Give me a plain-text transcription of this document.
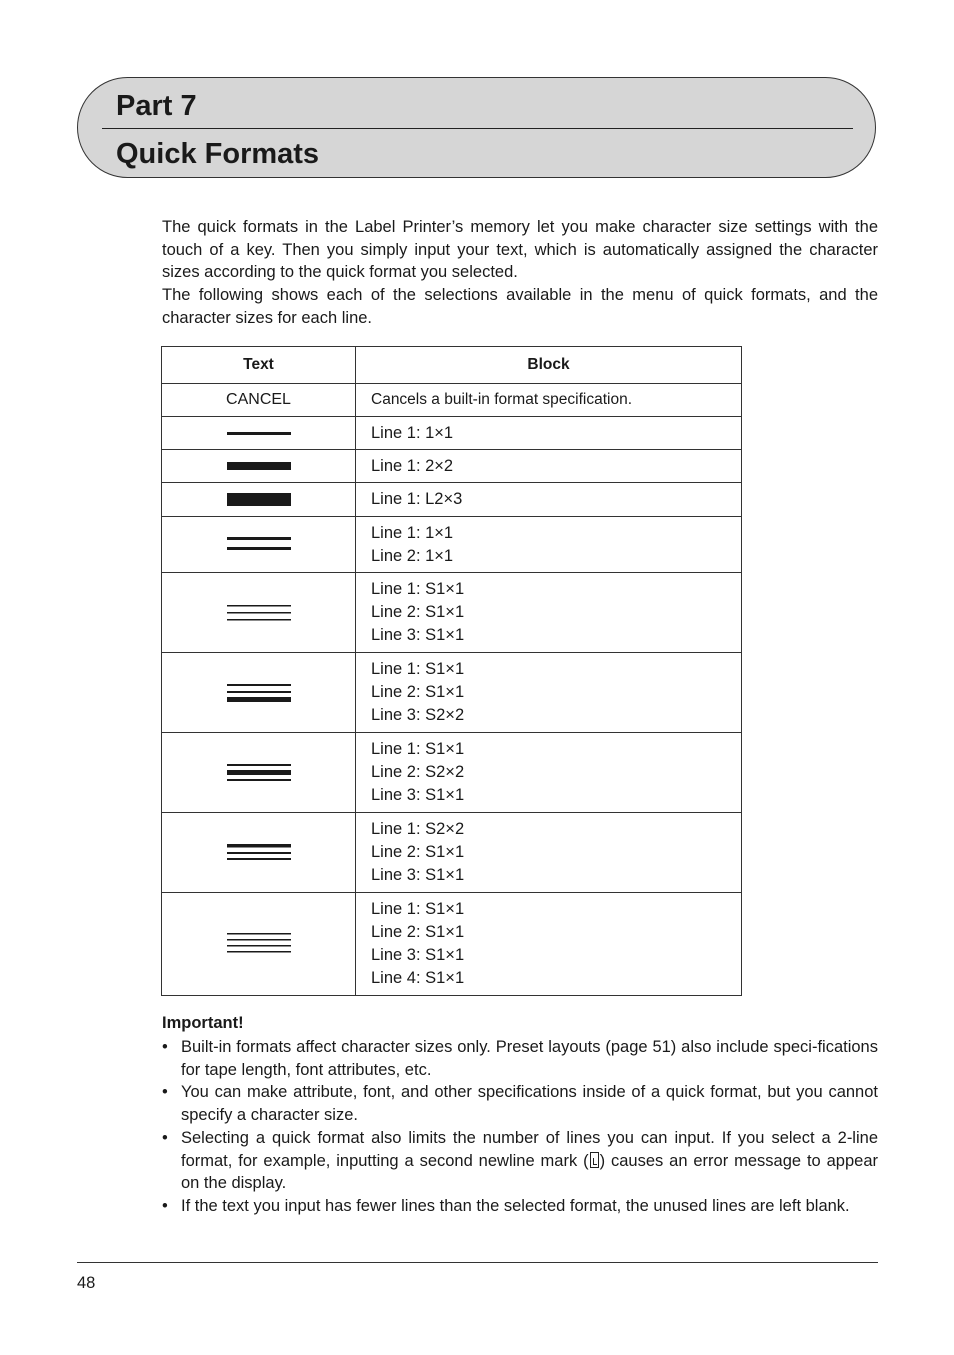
Part 7
Quick Formats

The quick formats in the Label Printer’s memory let you make character size settings with the touch of a key. Then you simply input your text, which is automatically assigned the character sizes according to the quick format you selected.

The following shows each of the selections available in the menu of quick formats, and the character sizes for each line.

Text	Block
CANCEL	Cancels a built-in format specification.

Line 1: 1×1

Line 1: 2×2

Line 1: L2×3

Line 1: 1×1
Line 2: 1×1

Line 1: S1×1
Line 2: S1×1
Line 3: S1×1

Line 1: S1×1
Line 2: S1×1
Line 3: S2×2

Line 1: S1×1
Line 2: S2×2
Line 3: S1×1

Line 1: S2×2
Line 2: S1×1
Line 3: S1×1

Line 1: S1×1
Line 2: S1×1
Line 3: S1×1
Line 4: S1×1
Important!
• Built-in formats affect character sizes only. Preset layouts (page 51) also include speci-fications for tape length, font attributes, etc.
• You can make attribute, font, and other specifications inside of a quick format, but you cannot specify a character size.
• Selecting a quick format also limits the number of lines you can input. If you select a 2-line format, for example, inputting a second newline mark ( ) causes an error message to appear on the display.
• If the text you input has fewer lines than the selected format, the unused lines are left blank.
48
